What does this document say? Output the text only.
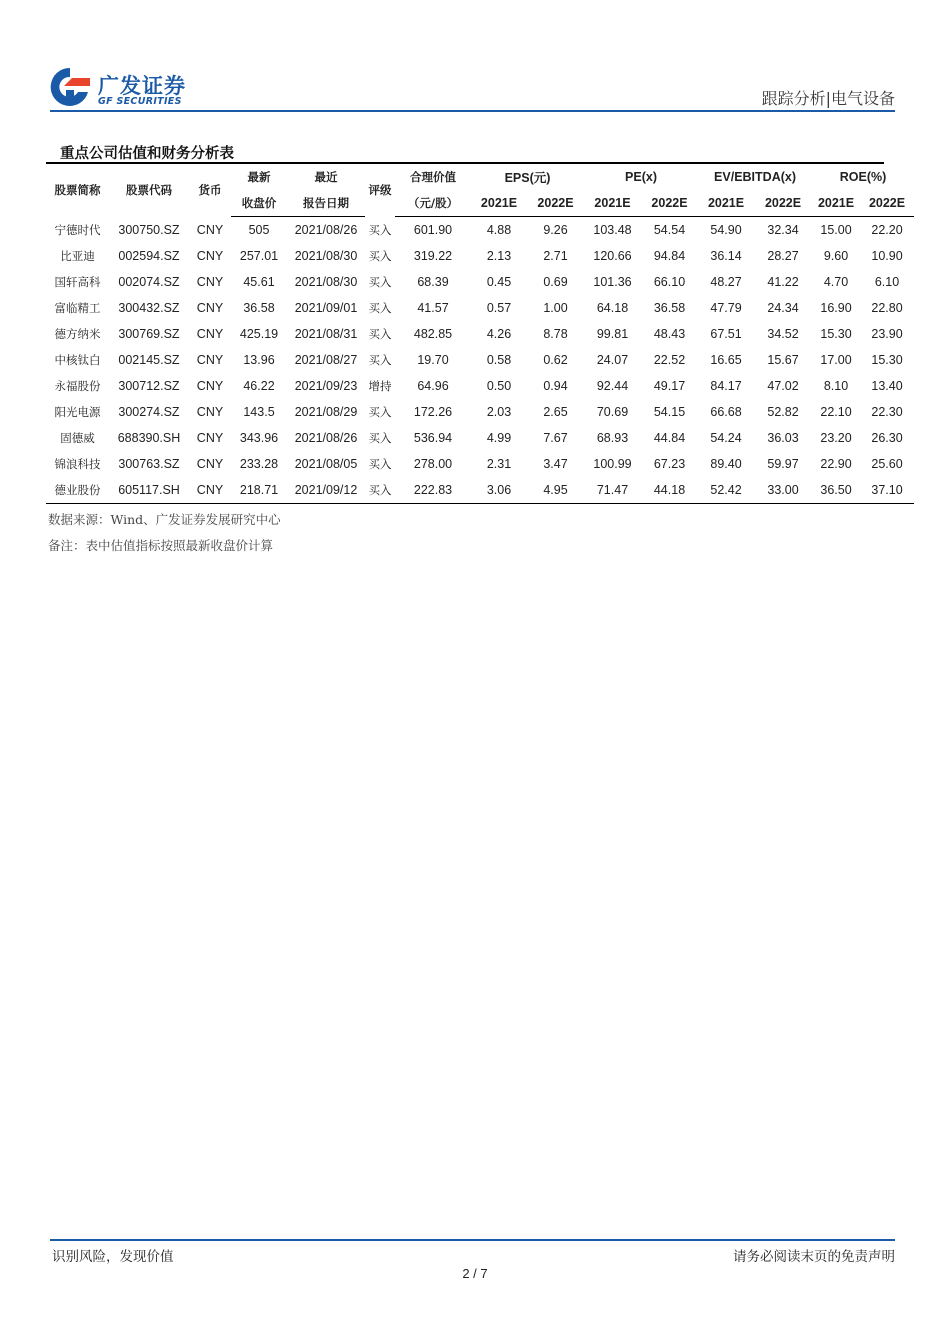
广发证券
GF SECURITIES	跟踪分析|电气设备
重点公司估值和财务分析表
股票简称	股票代码	货币	最新	最近	评级	合理价值	EPS(元)		PE(x)		EV/EBITDA(x)		ROE(%)	
			收盘价	报告日期		（元/股）	2021E	2022E	2021E	2022E	2021E	2022E	2021E	2022E
宁德时代	300750.SZ	CNY	505	2021/08/26	买入	601.90	4.88	9.26	103.48	54.54	54.90	32.34	15.00	22.20
比亚迪	002594.SZ	CNY	257.01	2021/08/30	买入	319.22	2.13	2.71	120.66	94.84	36.14	28.27	9.60	10.90
国轩高科	002074.SZ	CNY	45.61	2021/08/30	买入	68.39	0.45	0.69	101.36	66.10	48.27	41.22	4.70	6.10
富临精工	300432.SZ	CNY	36.58	2021/09/01	买入	41.57	0.57	1.00	64.18	36.58	47.79	24.34	16.90	22.80
德方纳米	300769.SZ	CNY	425.19	2021/08/31	买入	482.85	4.26	8.78	99.81	48.43	67.51	34.52	15.30	23.90
中核钛白	002145.SZ	CNY	13.96	2021/08/27	买入	19.70	0.58	0.62	24.07	22.52	16.65	15.67	17.00	15.30
永福股份	300712.SZ	CNY	46.22	2021/09/23	增持	64.96	0.50	0.94	92.44	49.17	84.17	47.02	8.10	13.40
阳光电源	300274.SZ	CNY	143.5	2021/08/29	买入	172.26	2.03	2.65	70.69	54.15	66.68	52.82	22.10	22.30
固德威	688390.SH	CNY	343.96	2021/08/26	买入	536.94	4.99	7.67	68.93	44.84	54.24	36.03	23.20	26.30
锦浪科技	300763.SZ	CNY	233.28	2021/08/05	买入	278.00	2.31	3.47	100.99	67.23	89.40	59.97	22.90	25.60
德业股份	605117.SH	CNY	218.71	2021/09/12	买入	222.83	3.06	4.95	71.47	44.18	52.42	33.00	36.50	37.10
数据来源：Wind、广发证券发展研究中心
备注：表中估值指标按照最新收盘价计算
识别风险，发现价值	请务必阅读末页的免责声明
2 / 7
